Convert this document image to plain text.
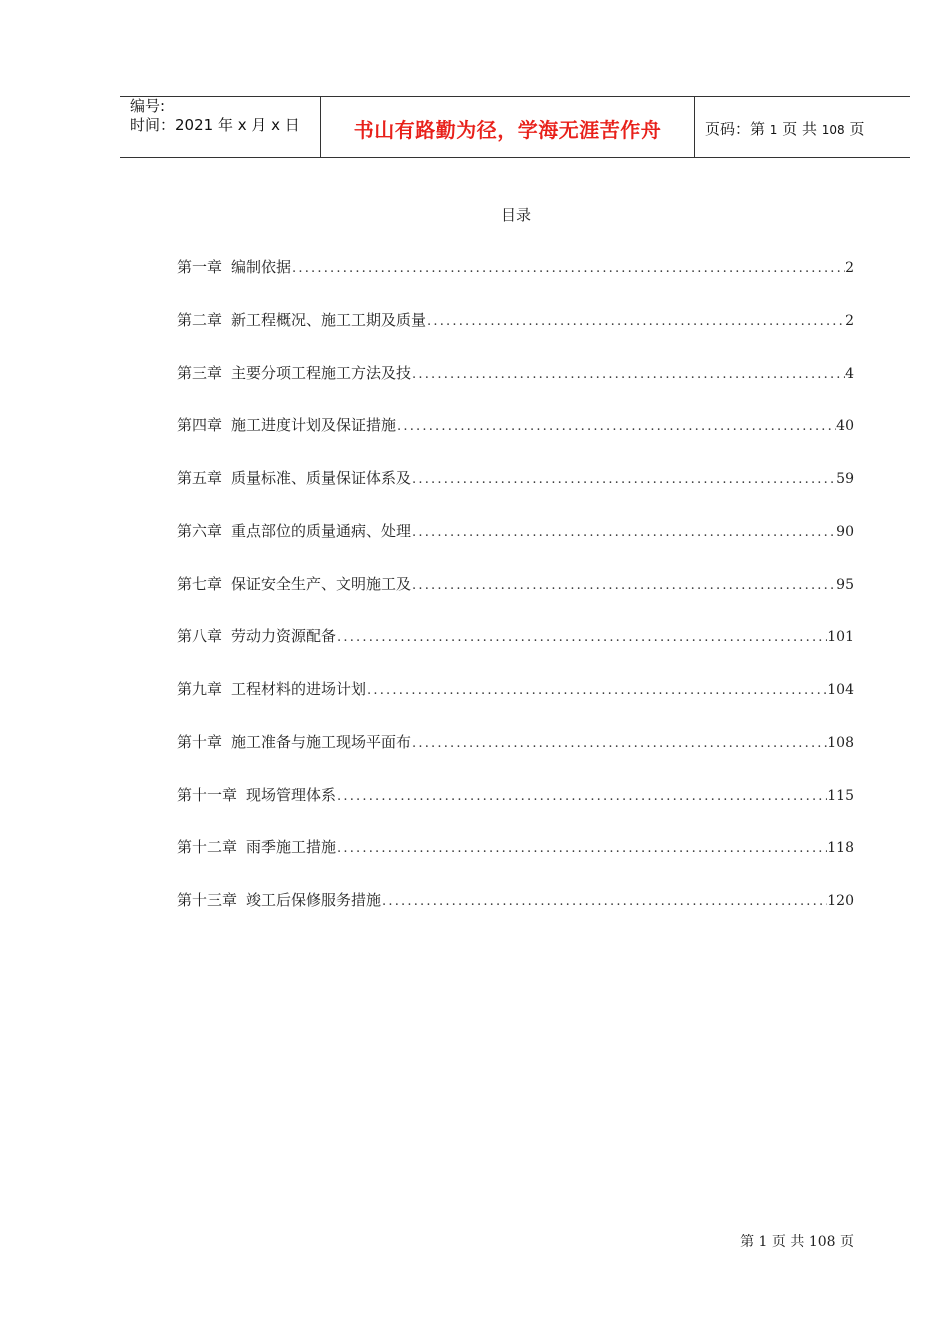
编号:
时间：2021 年 x 月 x 日	书山有路勤为径，学海无涯苦作舟	页码：第 1 页 共 108 页
目录
第一章 编制依据 .....	2
第二章 新工程概况、施工工期及质量 .....	2
第三章 主要分项工程施工方法及技 .....	4
第四章 施工进度计划及保证措施 .....	40
第五章 质量标准、质量保证体系及 .....	59
第六章 重点部位的质量通病、处理 .....	90
第七章 保证安全生产、文明施工及 .....	95
第八章 劳动力资源配备 .....	101
第九章 工程材料的进场计划 .....	104
第十章 施工准备与施工现场平面布 .....	108
第十一章 现场管理体系 .....	115
第十二章 雨季施工措施 .....	118
第十三章 竣工后保修服务措施 .....	120
第 1 页 共 108 页
